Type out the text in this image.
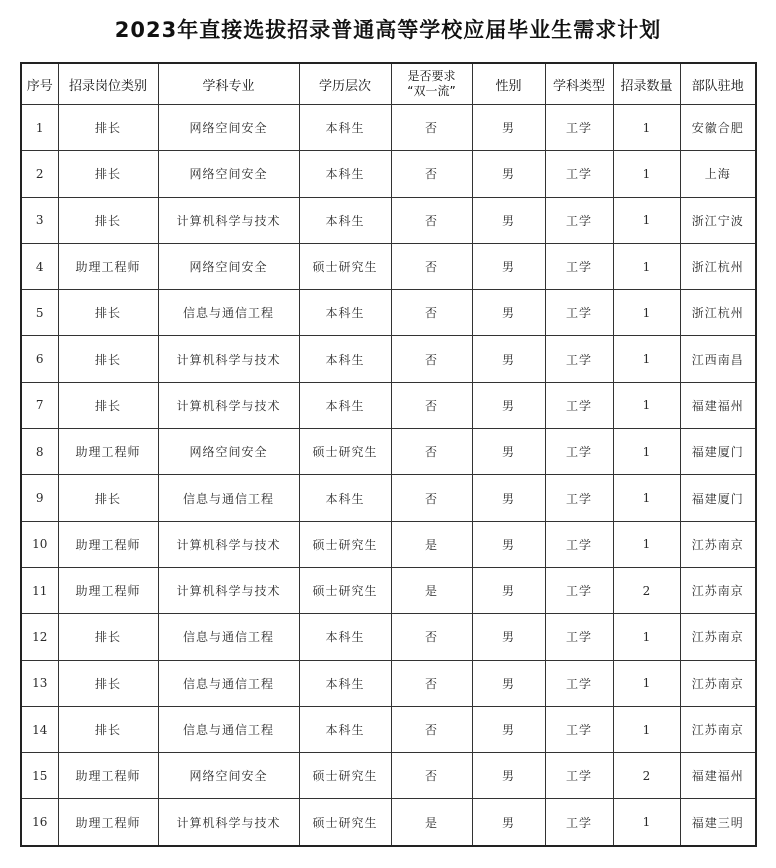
2023年直接选拔招录普通高等学校应届毕业生需求计划
序号	招录岗位类别	学科专业	学历层次	是否要求
“双一流”	性别	学科类型	招录数量	部队驻地
1	排长	网络空间安全	本科生	否	男	工学	1	安徽合肥
2	排长	网络空间安全	本科生	否	男	工学	1	上海
3	排长	计算机科学与技术	本科生	否	男	工学	1	浙江宁波
4	助理工程师	网络空间安全	硕士研究生	否	男	工学	1	浙江杭州
5	排长	信息与通信工程	本科生	否	男	工学	1	浙江杭州
6	排长	计算机科学与技术	本科生	否	男	工学	1	江西南昌
7	排长	计算机科学与技术	本科生	否	男	工学	1	福建福州
8	助理工程师	网络空间安全	硕士研究生	否	男	工学	1	福建厦门
9	排长	信息与通信工程	本科生	否	男	工学	1	福建厦门
10	助理工程师	计算机科学与技术	硕士研究生	是	男	工学	1	江苏南京
11	助理工程师	计算机科学与技术	硕士研究生	是	男	工学	2	江苏南京
12	排长	信息与通信工程	本科生	否	男	工学	1	江苏南京
13	排长	信息与通信工程	本科生	否	男	工学	1	江苏南京
14	排长	信息与通信工程	本科生	否	男	工学	1	江苏南京
15	助理工程师	网络空间安全	硕士研究生	否	男	工学	2	福建福州
16	助理工程师	计算机科学与技术	硕士研究生	是	男	工学	1	福建三明
